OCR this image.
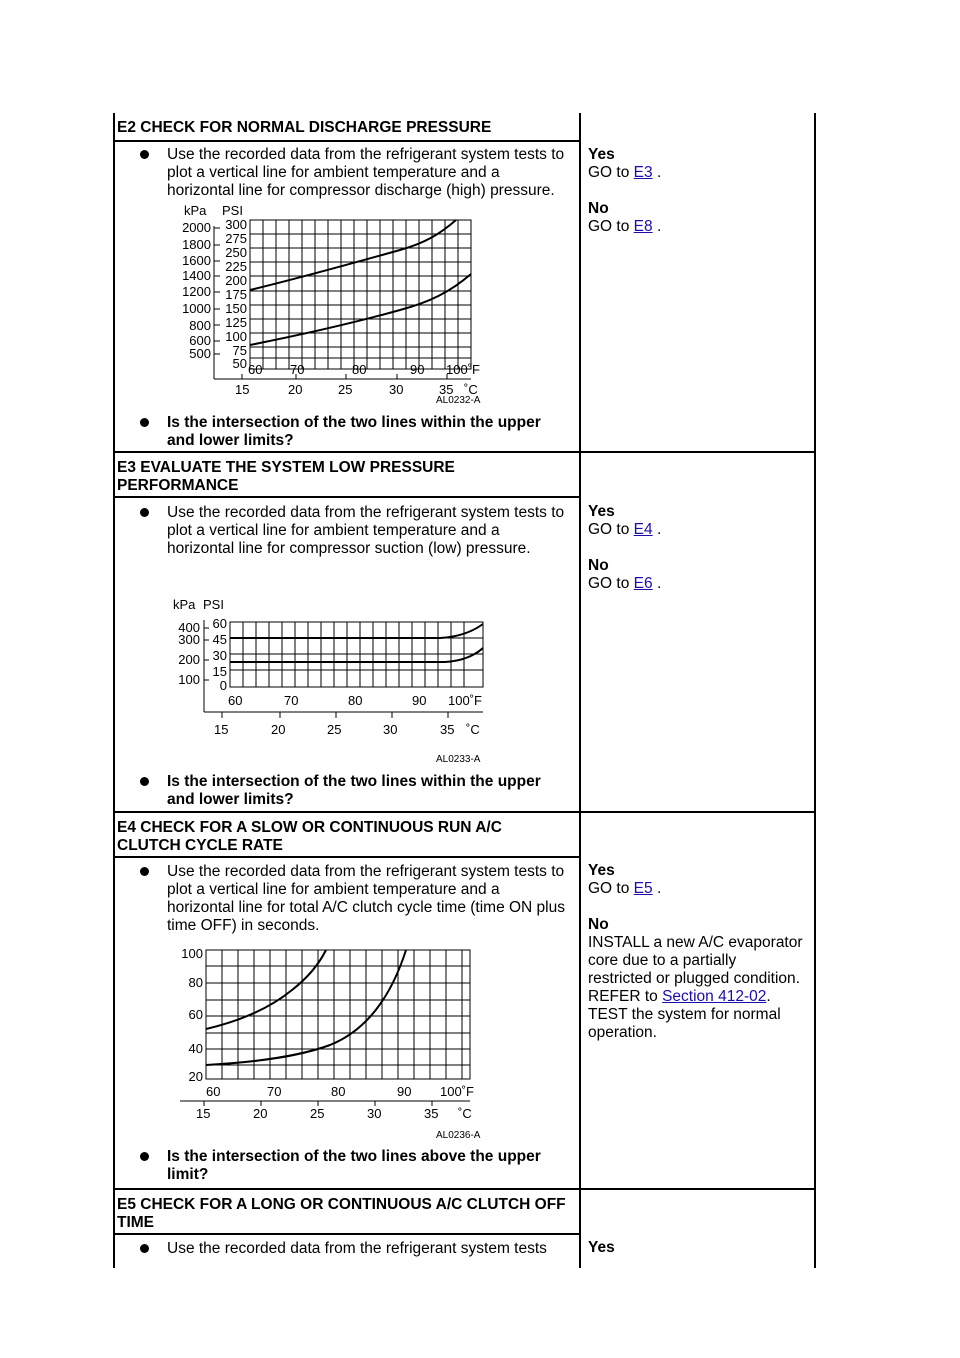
E2 CHECK FOR NORMAL DISCHARGE PRESSURE
Use the recorded data from the refrigerant system tests to plot a vertical line for ambient temperature and a horizontal line for compressor discharge (high) pressure.
kPa PSI
2000
1800
1600
1400
1200
1000
800
600
500
300
275
250
225
200
175
150
125
100
75
50 60 70	80	90 100˚F
15	20	25	30	35 ˚C
AL0232-A
Is the intersection of the two lines within the upper and lower limits?
Yes
GO to E3 .
No
GO to E8 .
E3 EVALUATE THE SYSTEM LOW PRESSURE PERFORMANCE
Use the recorded data from the refrigerant system tests to plot a vertical line for ambient temperature and a horizontal line for compressor suction (low) pressure.
kPa PSI
400
300
200
100
60
45
30
15
0
60	70	80	90 100˚F
15	20	25	30	35 ˚C
AL0233-A
Is the intersection of the two lines within the upper and lower limits?
Yes
GO to E4 .
No
GO to E6 .
E4 CHECK FOR A SLOW OR CONTINUOUS RUN A/C CLUTCH CYCLE RATE
Use the recorded data from the refrigerant system tests to plot a vertical line for ambient temperature and a horizontal line for total A/C clutch cycle time (time ON plus time OFF) in seconds.
100
80
60
40
20
60	70	80	90 100˚F
15	20	25	30	35 ˚C
AL0236-A
Is the intersection of the two lines above the upper limit?
Yes
GO to E5 .
No
INSTALL a new A/C evaporator core due to a partially restricted or plugged condition. REFER to Section 412-02. TEST the system for normal operation.
E5 CHECK FOR A LONG OR CONTINUOUS A/C CLUTCH OFF TIME
Use the recorded data from the refrigerant system tests	Yes
